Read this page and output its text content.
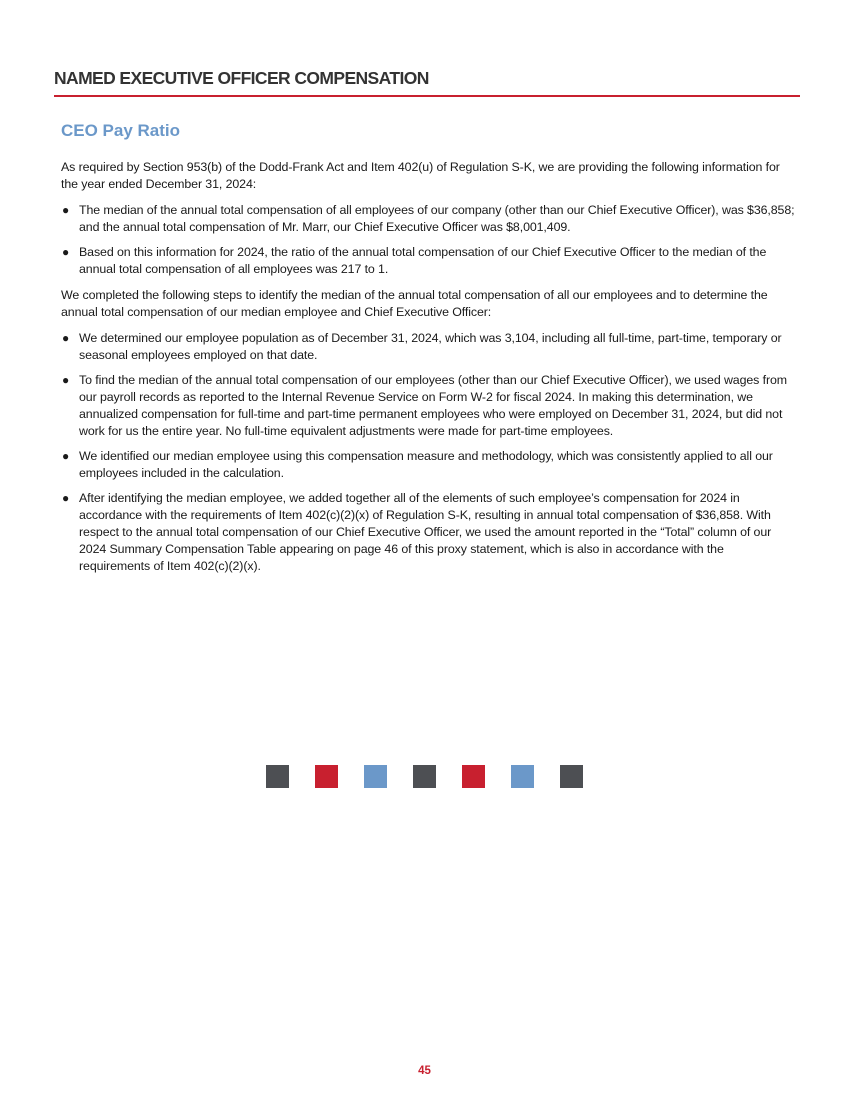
NAMED EXECUTIVE OFFICER COMPENSATION
CEO Pay Ratio

As required by Section 953(b) of the Dodd-Frank Act and Item 402(u) of Regulation S-K, we are providing the following information for the year ended December 31, 2024:

● The median of the annual total compensation of all employees of our company (other than our Chief Executive Officer), was $36,858; and the annual total compensation of Mr. Marr, our Chief Executive Officer was $8,001,409.
● Based on this information for 2024, the ratio of the annual total compensation of our Chief Executive Officer to the median of the annual total compensation of all employees was 217 to 1.

We completed the following steps to identify the median of the annual total compensation of all our employees and to determine the annual total compensation of our median employee and Chief Executive Officer:

● We determined our employee population as of December 31, 2024, which was 3,104, including all full-time, part-time, temporary or seasonal employees employed on that date.
● To find the median of the annual total compensation of our employees (other than our Chief Executive Officer), we used wages from our payroll records as reported to the Internal Revenue Service on Form W-2 for fiscal 2024. In making this determination, we annualized compensation for full-time and part-time permanent employees who were employed on December 31, 2024, but did not work for us the entire year. No full-time equivalent adjustments were made for part-time employees.
● We identified our median employee using this compensation measure and methodology, which was consistently applied to all our employees included in the calculation.
● After identifying the median employee, we added together all of the elements of such employee’s compensation for 2024 in accordance with the requirements of Item 402(c)(2)(x) of Regulation S-K, resulting in annual total compensation of $36,858. With respect to the annual total compensation of our Chief Executive Officer, we used the amount reported in the “Total” column of our 2024 Summary Compensation Table appearing on page 46 of this proxy statement, which is also in accordance with the requirements of Item 402(c)(2)(x).
45
